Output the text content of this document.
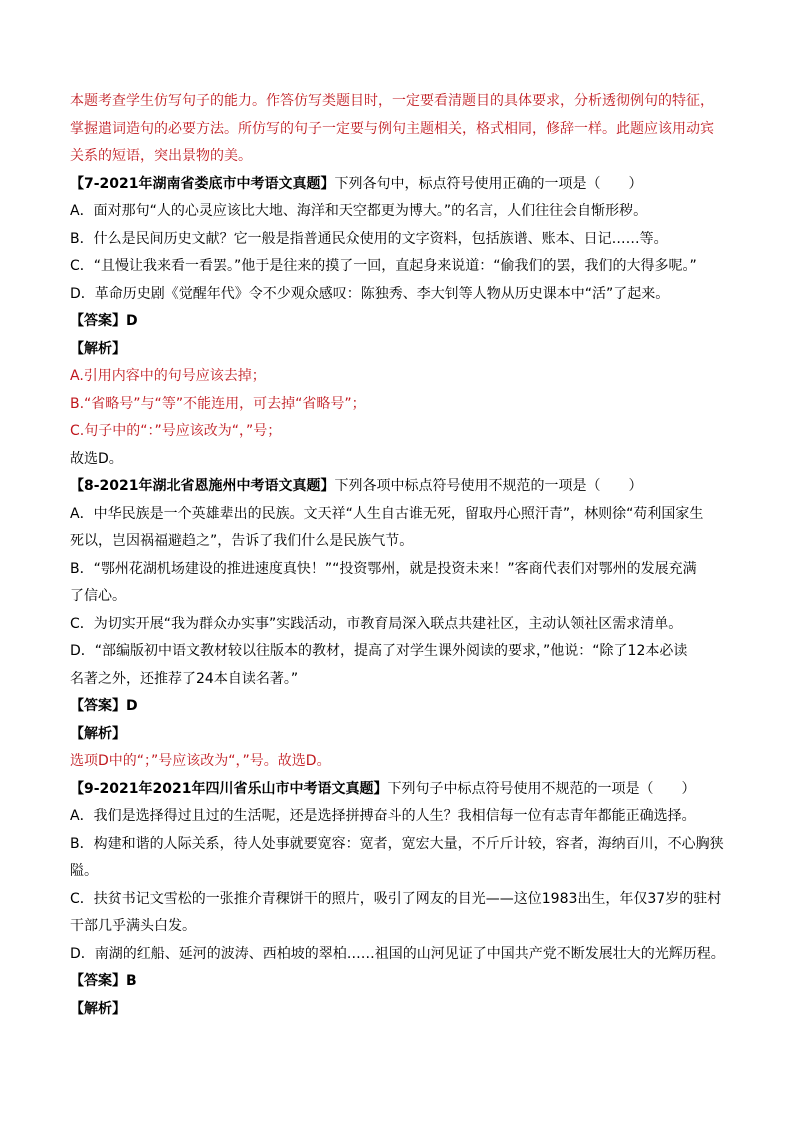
本题考查学生仿写句子的能力。作答仿写类题目时，一定要看清题目的具体要求，分析透彻例句的特征，
掌握遣词造句的必要方法。所仿写的句子一定要与例句主题相关，格式相同，修辞一样。此题应该用动宾
关系的短语，突出景物的美。
【7-2021年湖南省娄底市中考语文真题】下列各句中，标点符号使用正确的一项是（　　）
A．面对那句“人的心灵应该比大地、海洋和天空都更为博大。”的名言，人们往往会自惭形秽。
B．什么是民间历史文献？它一般是指普通民众使用的文字资料，包括族谱、账本、日记……等。
C．“且慢让我来看一看罢。”他于是往来的摸了一回，直起身来说道：“偷我们的罢，我们的大得多呢。”
D．革命历史剧《觉醒年代》令不少观众感叹：陈独秀、李大钊等人物从历史课本中“活”了起来。
【答案】D
【解析】
A.引用内容中的句号应该去掉；
B.“省略号”与“等”不能连用，可去掉“省略号”；
C.句子中的“：”号应该改为“，”号；
故选D。
【8-2021年湖北省恩施州中考语文真题】下列各项中标点符号使用不规范的一项是（　　）
A．中华民族是一个英雄辈出的民族。文天祥“人生自古谁无死，留取丹心照汗青”，林则徐“苟利国家生
死以，岂因祸福避趋之”，告诉了我们什么是民族气节。
B．“鄂州花湖机场建设的推进速度真快！”“投资鄂州，就是投资未来！”客商代表们对鄂州的发展充满
了信心。
C．为切实开展“我为群众办实事”实践活动，市教育局深入联点共建社区，主动认领社区需求清单。
D．“部编版初中语文教材较以往版本的教材，提高了对学生课外阅读的要求，”他说：“除了12本必读
名著之外，还推荐了24本自读名著。”
【答案】D
【解析】
选项D中的“；”号应该改为“，”号。故选D。
【9-2021年2021年四川省乐山市中考语文真题】下列句子中标点符号使用不规范的一项是（　　）
A．我们是选择得过且过的生活呢，还是选择拼搏奋斗的人生？我相信每一位有志青年都能正确选择。
B．构建和谐的人际关系，待人处事就要宽容：宽者，宽宏大量，不斤斤计较，容者，海纳百川，不心胸狭
隘。
C．扶贫书记文雪松的一张推介青稞饼干的照片，吸引了网友的目光——这位1983出生，年仅37岁的驻村
干部几乎满头白发。
D．南湖的红船、延河的波涛、西柏坡的翠柏……祖国的山河见证了中国共产党不断发展壮大的光辉历程。
【答案】B
【解析】
